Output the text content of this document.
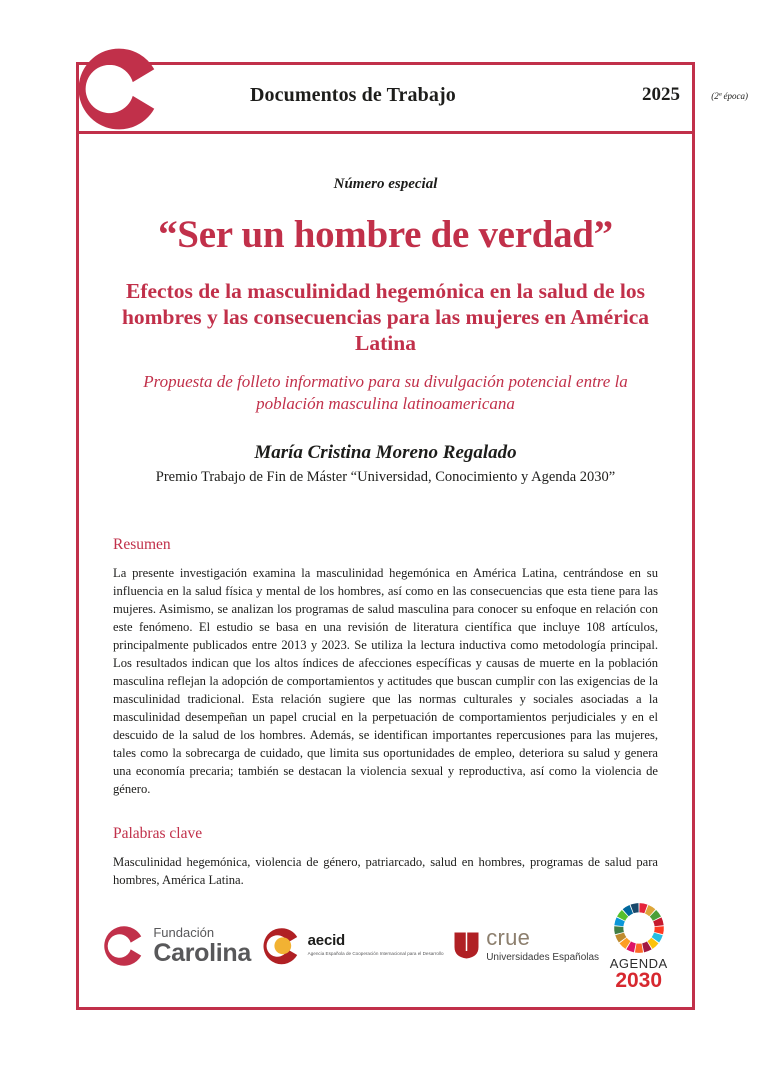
Documentos de Trabajo	2025	(2ª época)
Número especial
“Ser un hombre de verdad”
Efectos de la masculinidad hegemónica en la salud de los hombres y las consecuencias para las mujeres en América Latina
Propuesta de folleto informativo para su divulgación potencial entre la población masculina latinoamericana
María Cristina Moreno Regalado
Premio Trabajo de Fin de Máster “Universidad, Conocimiento y Agenda 2030”
Resumen
La presente investigación examina la masculinidad hegemónica en América Latina, centrándose en su influencia en la salud física y mental de los hombres, así como en las consecuencias que esta tiene para las mujeres. Asimismo, se analizan los programas de salud masculina para conocer su enfoque en relación con este fenómeno. El estudio se basa en una revisión de literatura científica que incluye 108 artículos, principalmente publicados entre 2013 y 2023. Se utiliza la lectura inductiva como metodología principal. Los resultados indican que los altos índices de afecciones específicas y causas de muerte en la población masculina reflejan la adopción de comportamientos y actitudes que buscan cumplir con las exigencias de la masculinidad tradicional. Esta relación sugiere que las normas culturales y sociales asociadas a la masculinidad desempeñan un papel crucial en la perpetuación de comportamientos perjudiciales y en el descuido de la salud de los hombres. Además, se identifican importantes repercusiones para las mujeres, tales como la sobrecarga de cuidado, que limita sus oportunidades de empleo, deteriora su salud y genera una economía precaria; también se destacan la violencia sexual y reproductiva, así como la violencia de género.
Palabras clave
Masculinidad hegemónica, violencia de género, patriarcado, salud en hombres, programas de salud para hombres, América Latina.
Fundación
Carolina	aecid
Agencia Española de Cooperación Internacional para el Desarrollo
crue
Universidades Españolas AGENDA
2030
